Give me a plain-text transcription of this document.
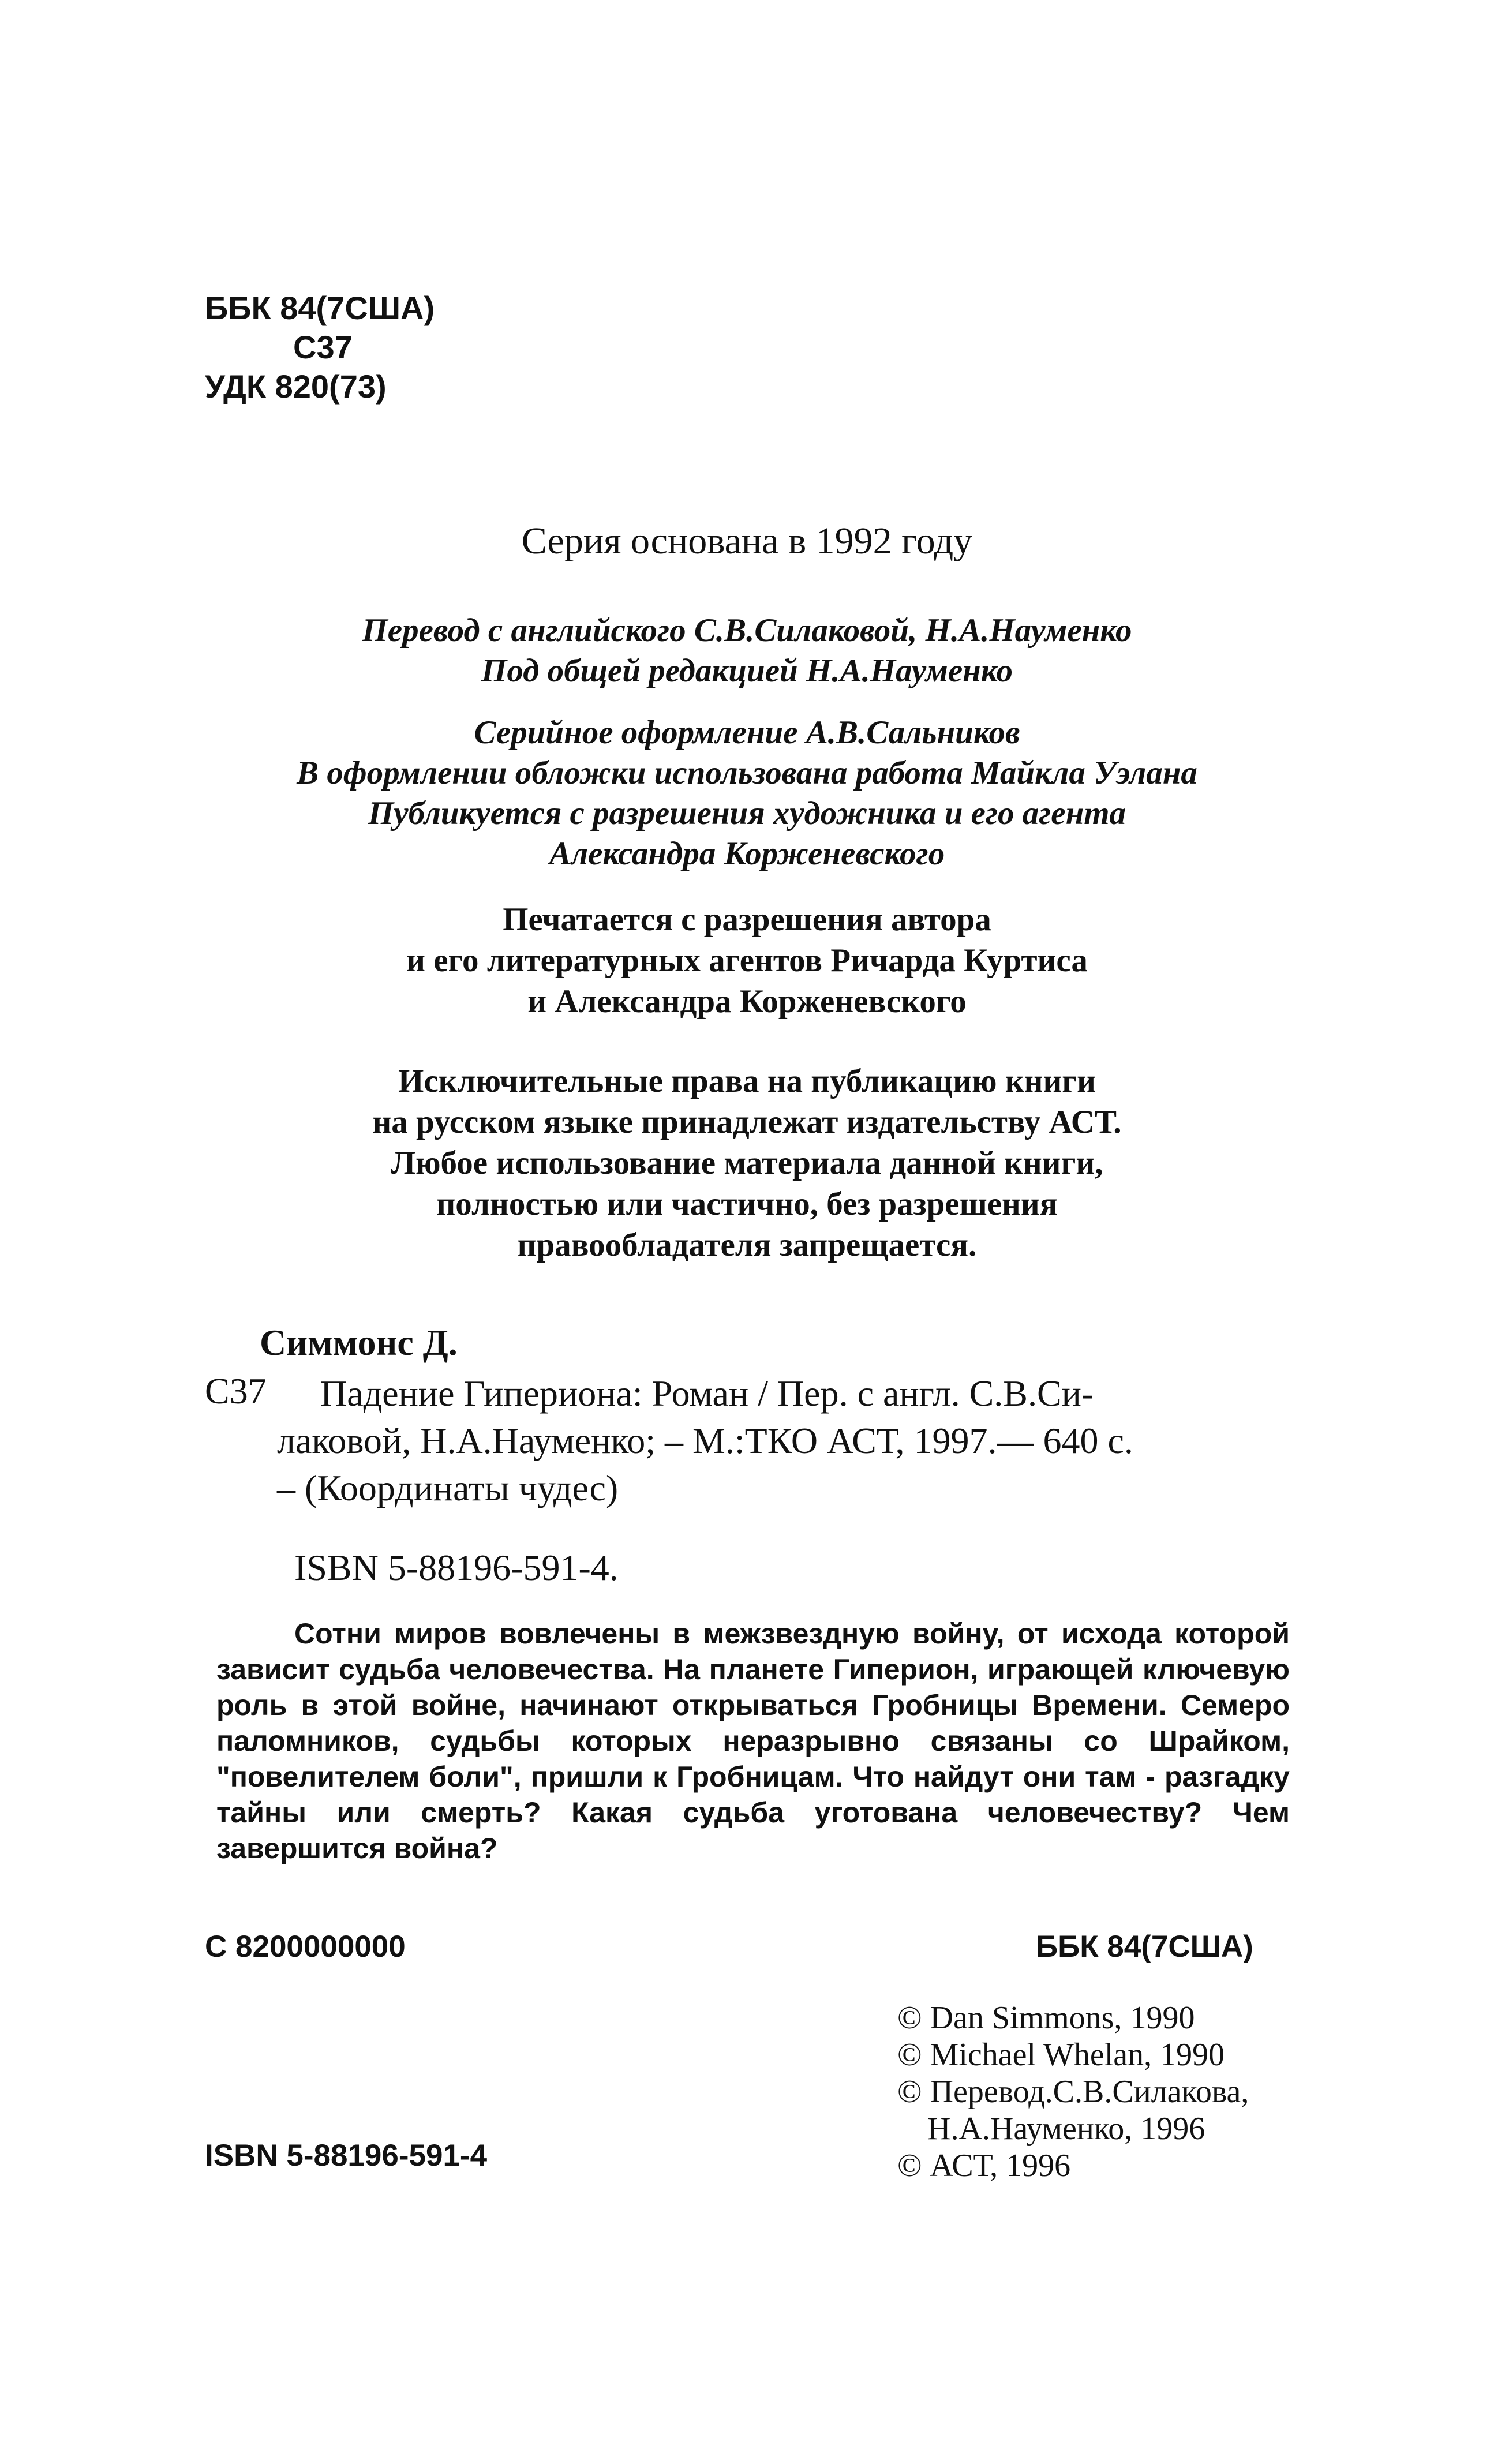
ББК 84(7США)
С37
УДК 820(73)
Серия основана в 1992 году
Перевод с английского С.В.Силаковой, Н.А.Науменко
Под общей редакцией Н.А.Науменко
Серийное оформление А.В.Сальников
В оформлении обложки использована работа Майкла Уэлана
Публикуется с разрешения художника и его агента
Александра Корженевского
Печатается с разрешения автора
и его литературных агентов Ричарда Куртиса
и Александра Корженевского
Исключительные права на публикацию книги
на русском языке принадлежат издательству АСТ.
Любое использование материала данной книги,
полностью или частично, без разрешения
правообладателя запрещается.
Симмонс Д.
С37 Падение Гипериона: Роман / Пер. с англ. С.В.Си-
лаковой, Н.А.Науменко; – М.:ТКО АСТ, 1997.— 640 с.
– (Координаты чудес)
ISBN 5-88196-591-4.

Сотни миров вовлечены в межзвездную войну, от исхода которой зависит судьба человечества. На планете Гиперион, играющей ключевую роль в этой войне, начинают открываться Гробницы Времени. Семеро паломников, судьбы которых неразрывно связаны со Шрайком, "повелителем боли", пришли к Гробницам. Что найдут они там - разгадку тайны или смерть? Какая судьба уготована человечеству? Чем завершится война?

С 8200000000	ББК 84(7США)
ISBN 5-88196-591-4
© Dan Simmons, 1990
© Michael Whelan, 1990
© Перевод.С.В.Силакова,
Н.А.Науменко, 1996
© АСТ, 1996
